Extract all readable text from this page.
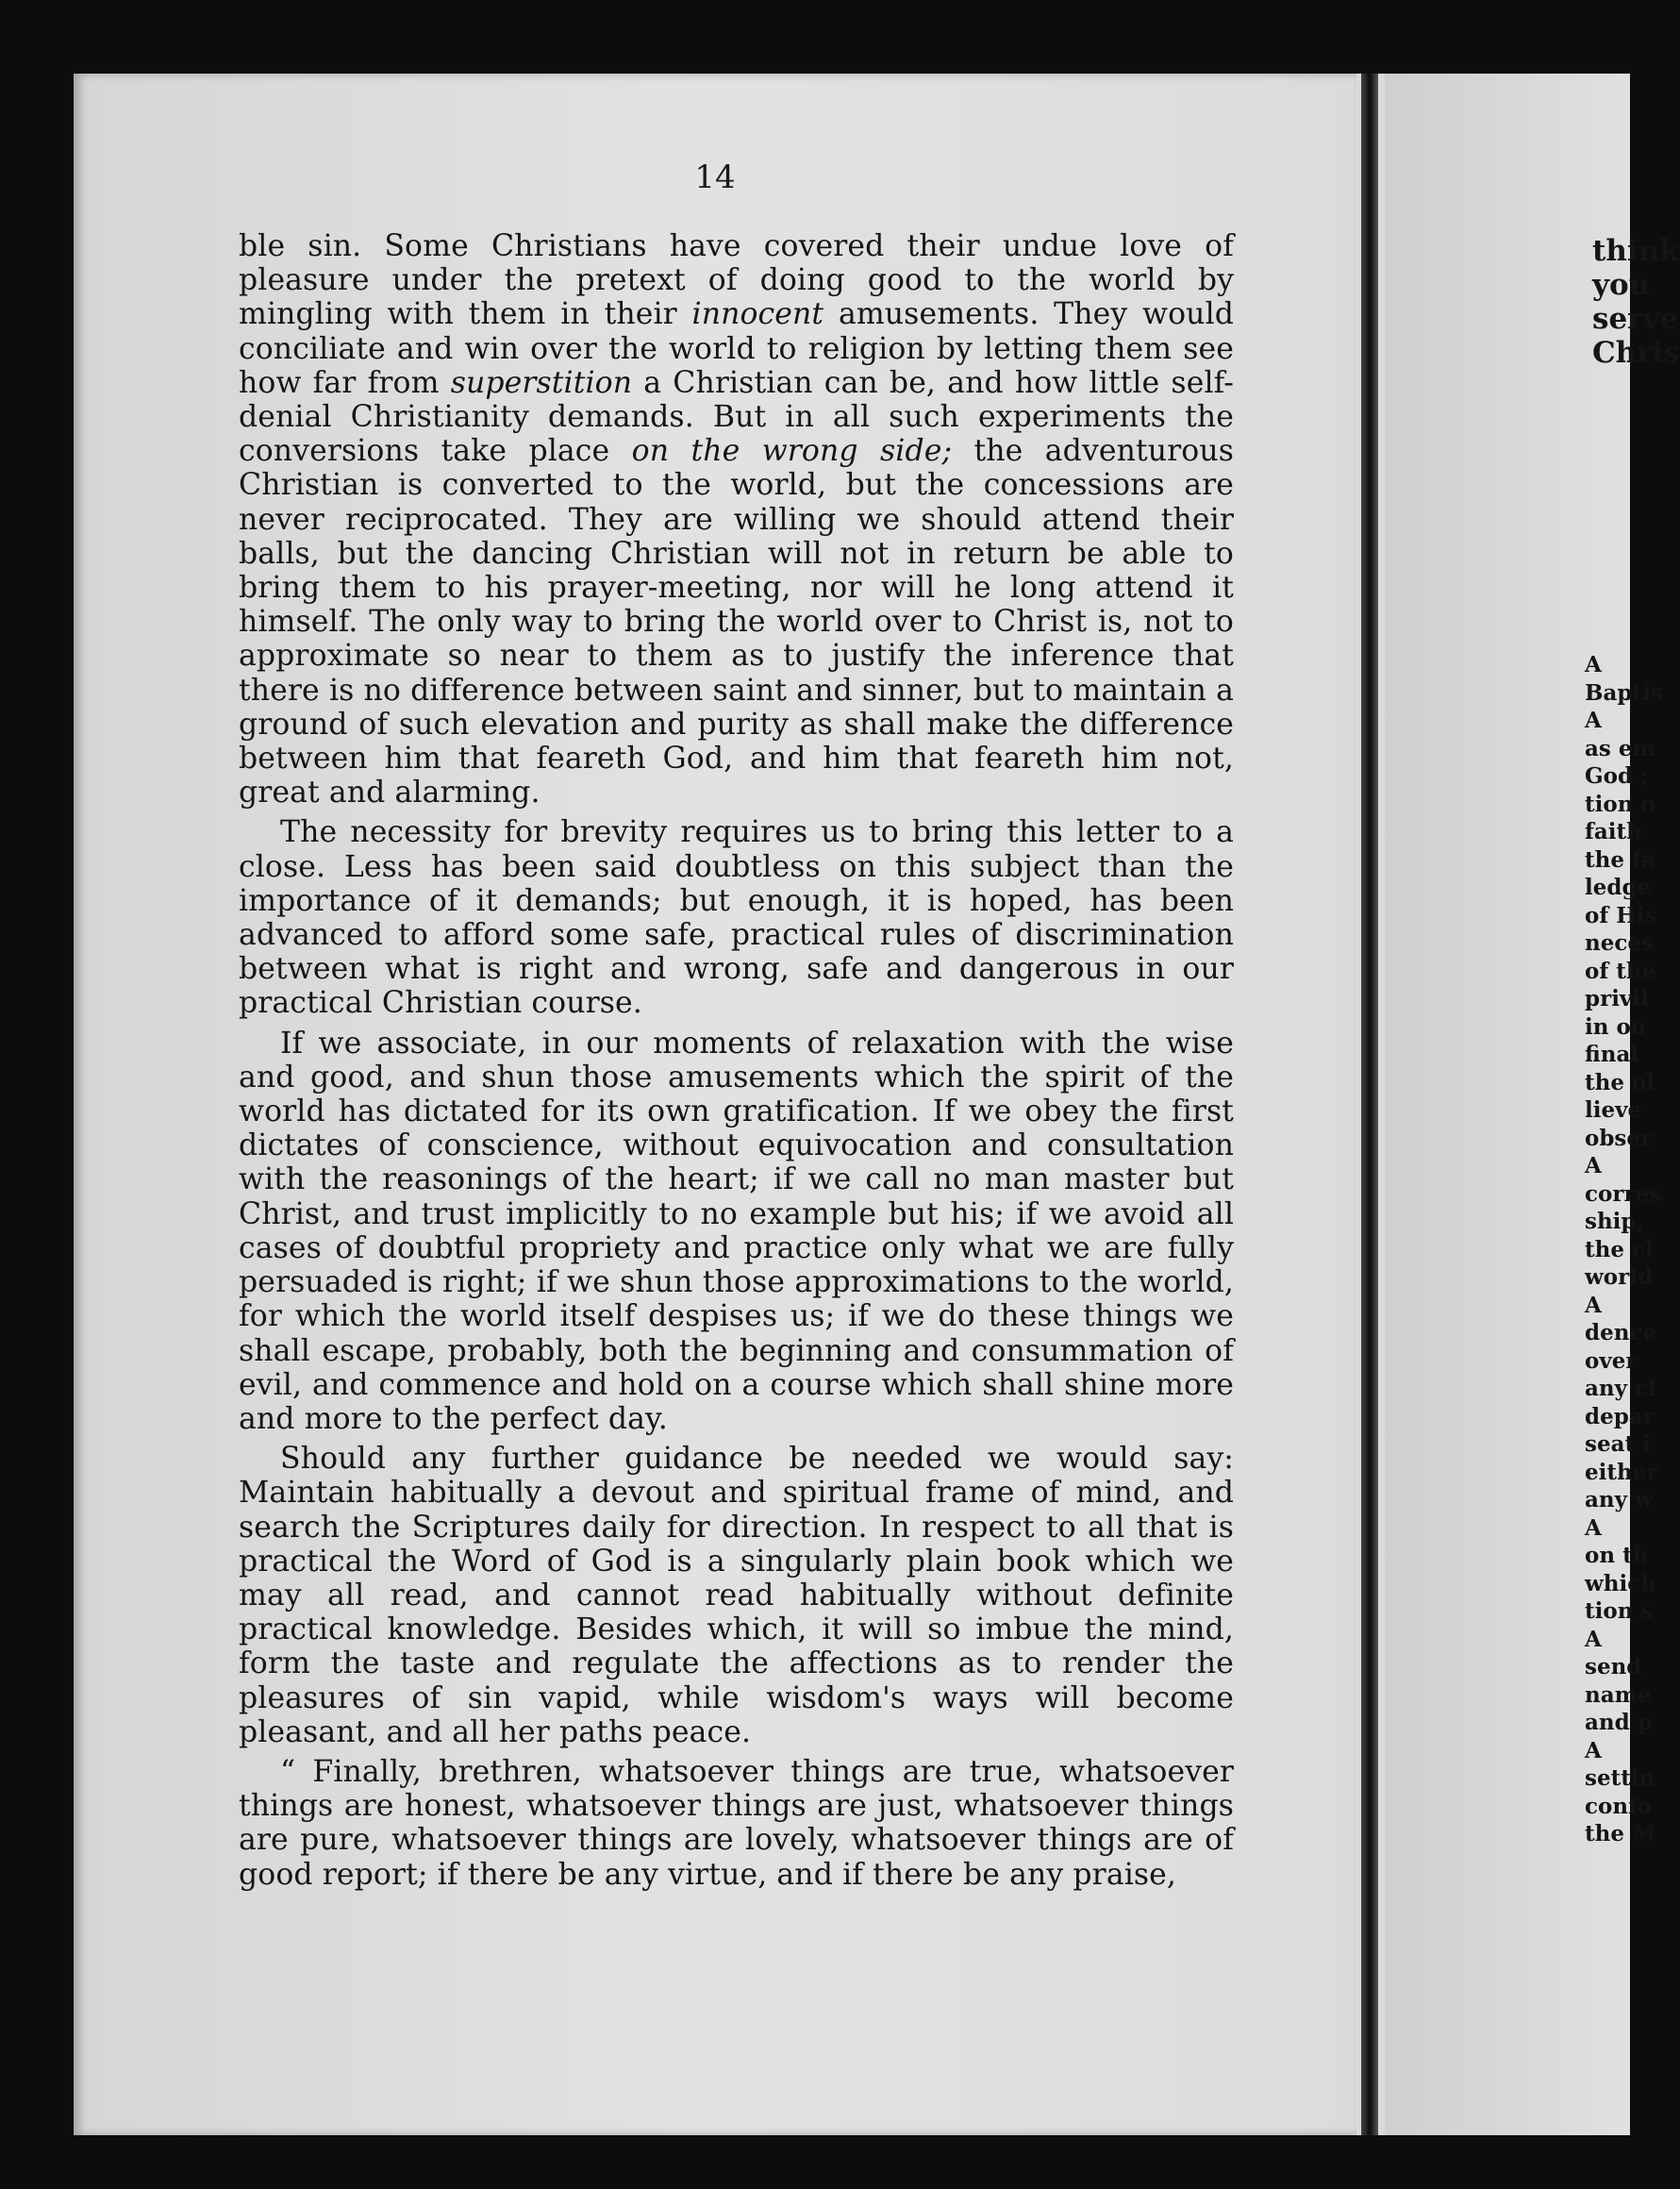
14

ble sin. Some Christians have covered their undue love of pleasure under the pretext of doing good to the world by mingling with them in their innocent amusements. They would conciliate and win over the world to religion by letting them see how far from superstition a Christian can be, and how little self-denial Christianity demands. But in all such experiments the conversions take place on the wrong side; the adventurous Christian is converted to the world, but the concessions are never reciprocated. They are willing we should attend their balls, but the dancing Christian will not in return be able to bring them to his prayer-meeting, nor will he long attend it himself. The only way to bring the world over to Christ is, not to approximate so near to them as to justify the inference that there is no difference between saint and sinner, but to maintain a ground of such elevation and purity as shall make the difference between him that feareth God, and him that feareth him not, great and alarming.

The necessity for brevity requires us to bring this letter to a close. Less has been said doubtless on this subject than the importance of it demands; but enough, it is hoped, has been advanced to afford some safe, practical rules of discrimination between what is right and wrong, safe and dangerous in our practical Christian course.

If we associate, in our moments of relaxation with the wise and good, and shun those amusements which the spirit of the world has dictated for its own gratification. If we obey the first dictates of conscience, without equivocation and consultation with the reasonings of the heart; if we call no man master but Christ, and trust implicitly to no example but his; if we avoid all cases of doubtful propriety and practice only what we are fully persuaded is right; if we shun those approximations to the world, for which the world itself despises us; if we do these things we shall escape, probably, both the beginning and consummation of evil, and commence and hold on a course which shall shine more and more to the perfect day.

Should any further guidance be needed we would say: Maintain habitually a devout and spiritual frame of mind, and search the Scriptures daily for direction. In respect to all that is practical the Word of God is a singularly plain book which we may all read, and cannot read habitually without definite practical knowledge. Besides which, it will so imbue the mind, form the taste and regulate the affections as to render the pleasures of sin vapid, while wisdom's ways will become pleasant, and all her paths peace.

“ Finally, brethren, whatsoever things are true, whatsoever things are honest, whatsoever things are just, whatsoever things are pure, whatsoever things are lovely, whatsoever things are of good report; if there be any virtue, and if there be any praise,

think
you
serve
Chris
A
Baptis
A
as em
God ;
tion o
faith
the fa
ledge
of His
neces
of the
privil
in ou
final
the ol
lieve
obser
A
corres
ship,
the cl
world
A
dence
over
any cl
depar
seat i
either
any w
A
on th
which
tion s
A
send
name
and p
A
settin
confo
the M
